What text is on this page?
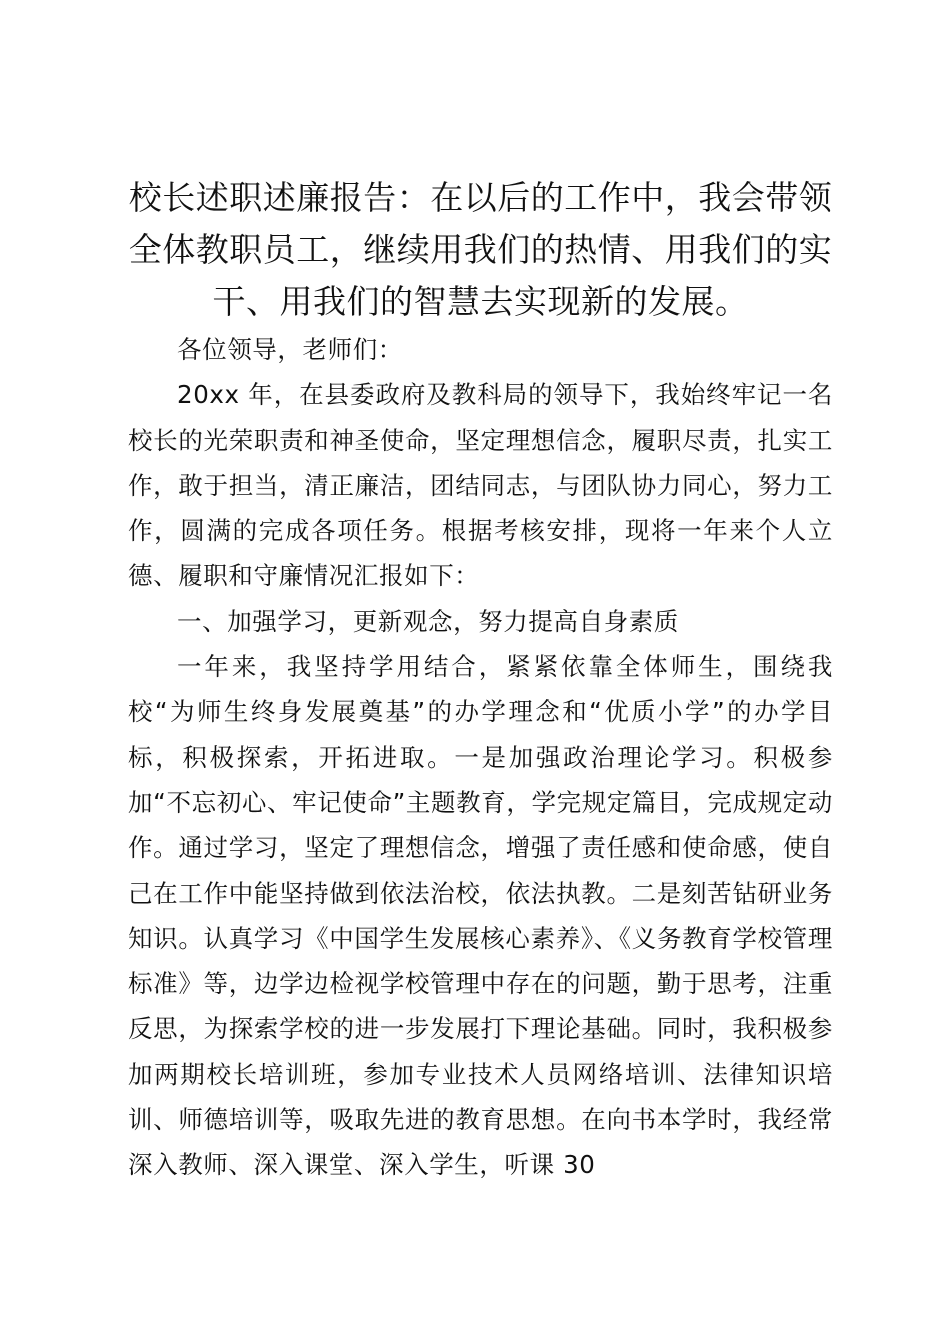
校长述职述廉报告：在以后的工作中，我会带领全体教职员工，继续用我们的热情、用我们的实干、用我们的智慧去实现新的发展。

各位领导，老师们：

20xx 年，在县委政府及教科局的领导下，我始终牢记一名校长的光荣职责和神圣使命，坚定理想信念，履职尽责，扎实工作，敢于担当，清正廉洁，团结同志，与团队协力同心，努力工作，圆满的完成各项任务。根据考核安排，现将一年来个人立德、履职和守廉情况汇报如下：

一、加强学习，更新观念，努力提高自身素质

一年来，我坚持学用结合，紧紧依靠全体师生，围绕我校“为师生终身发展奠基”的办学理念和“优质小学”的办学目标，积极探索，开拓进取。一是加强政治理论学习。积极参加“不忘初心、牢记使命”主题教育，学完规定篇目，完成规定动作。通过学习，坚定了理想信念，增强了责任感和使命感，使自己在工作中能坚持做到依法治校，依法执教。二是刻苦钻研业务知识。认真学习《中国学生发展核心素养》、《义务教育学校管理标准》等，边学边检视学校管理中存在的问题，勤于思考，注重反思，为探索学校的进一步发展打下理论基础。同时，我积极参加两期校长培训班，参加专业技术人员网络培训、法律知识培训、师德培训等，吸取先进的教育思想。在向书本学时，我经常深入教师、深入课堂、深入学生，听课 30
